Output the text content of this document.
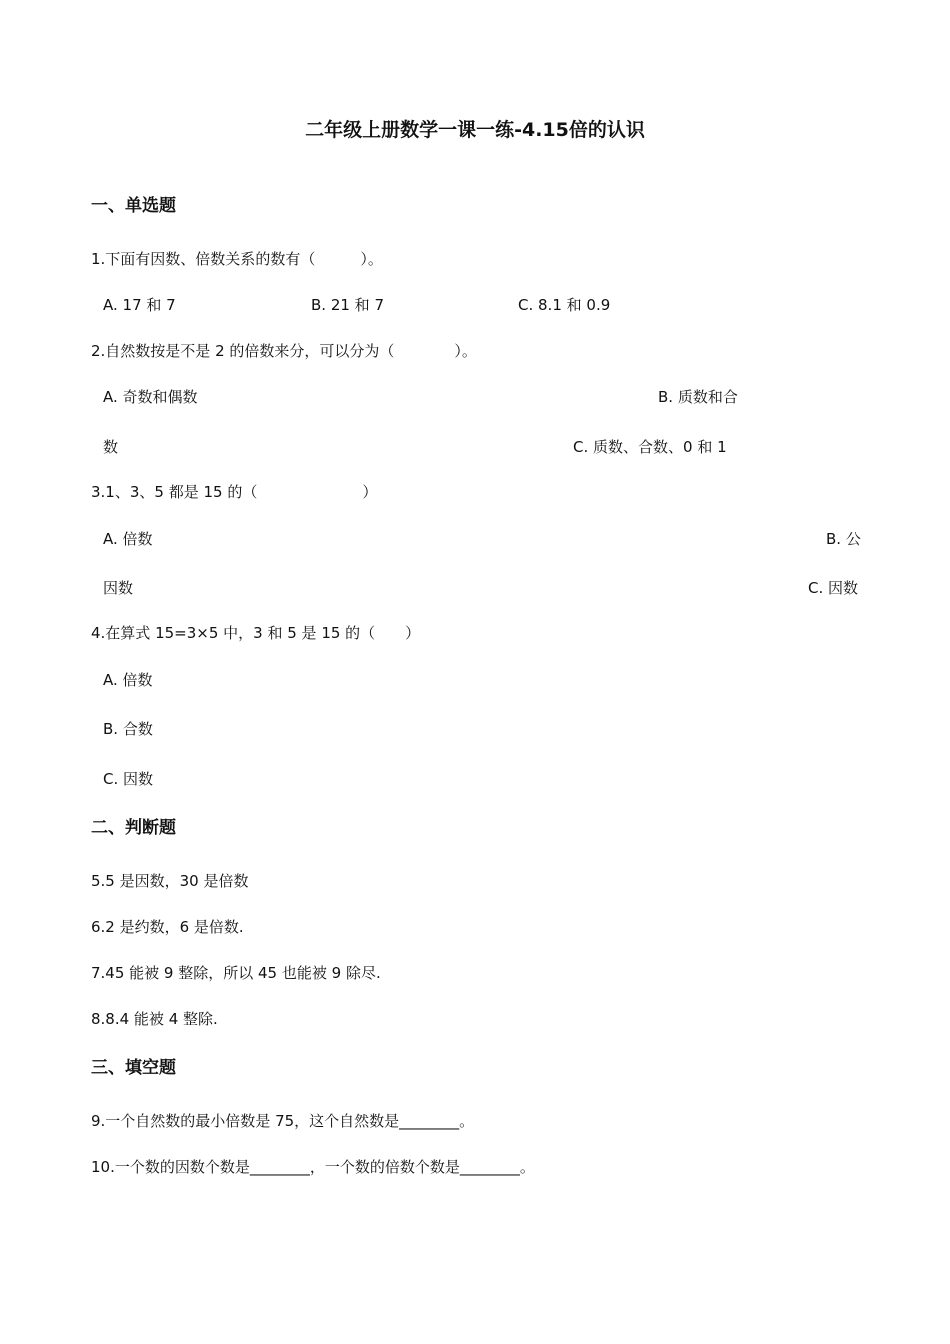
二年级上册数学一课一练-4.15倍的认识
一、单选题
1.下面有因数、倍数关系的数有（　　　）。
A. 17 和 7	B. 21 和 7	C. 8.1 和 0.9
2.自然数按是不是 2 的倍数来分，可以分为（　　　　）。
A. 奇数和偶数	B. 质数和合
数	C. 质数、合数、0 和 1
3.1、3、5 都是 15 的（　　　　　　　）
A. 倍数	B. 公
因数	C. 因数
4.在算式 15=3×5 中，3 和 5 是 15 的（　　）
A. 倍数
B. 合数
C. 因数
二、判断题
5.5 是因数，30 是倍数
6.2 是约数，6 是倍数.
7.45 能被 9 整除，所以 45 也能被 9 除尽.
8.8.4 能被 4 整除.
三、填空题
9.一个自然数的最小倍数是 75，这个自然数是________。
10.一个数的因数个数是________，一个数的倍数个数是________。
